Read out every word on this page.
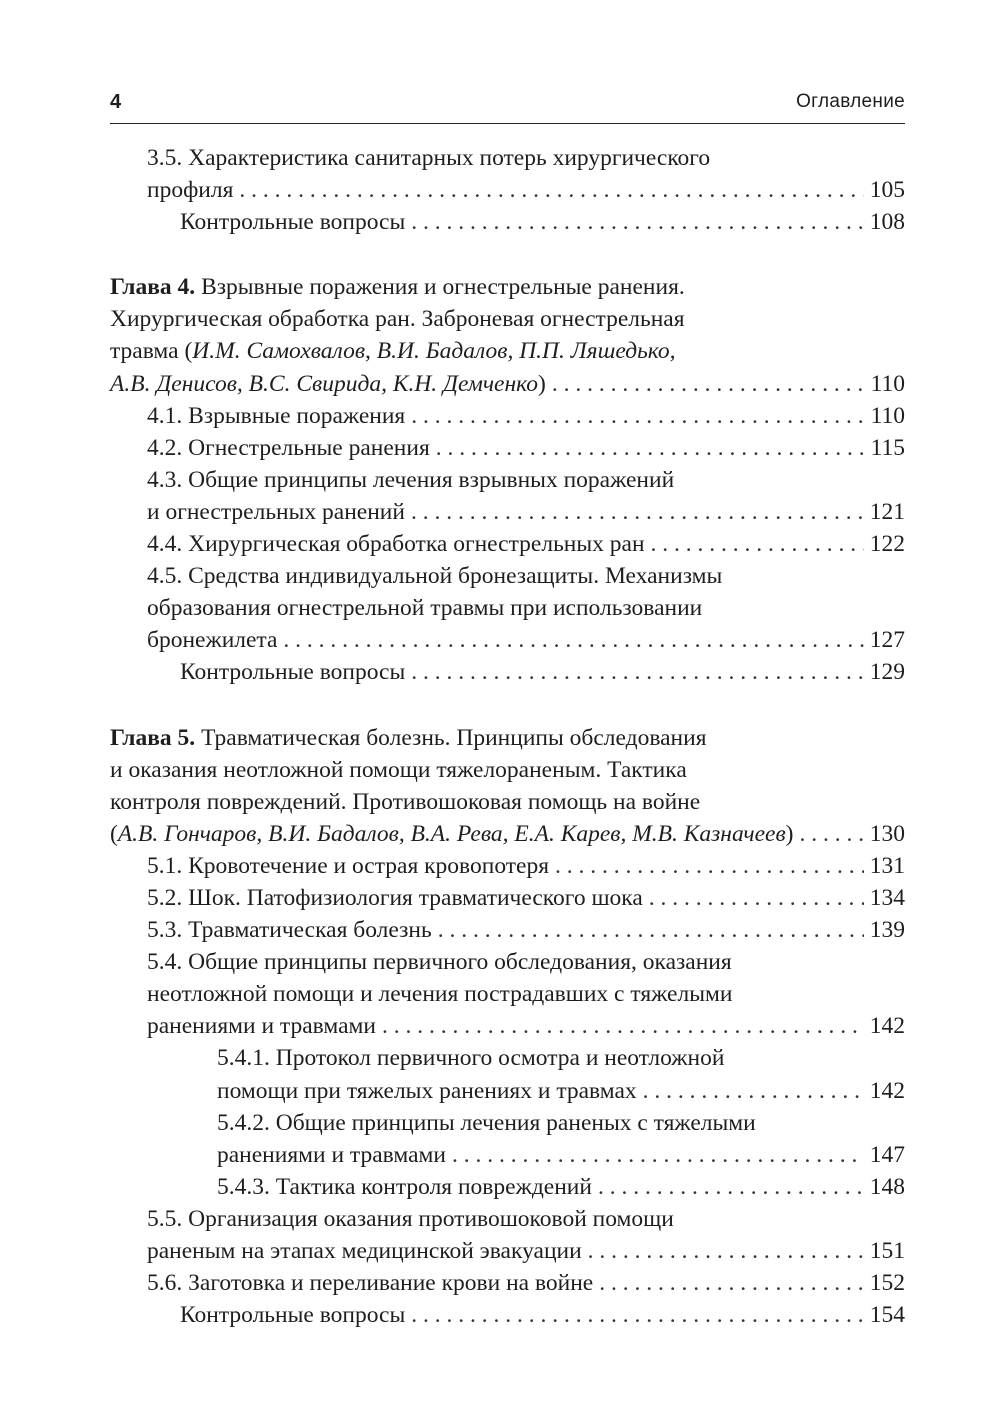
4	Оглавление
3.5. Характеристика санитарных потерь хирургического
профиля . . .	105
Контрольные вопросы . . .	108
Глава 4. Взрывные поражения и огнестрельные ранения.
Хирургическая обработка ран. Заброневая огнестрельная
травма (И.М. Самохвалов, В.И. Бадалов, П.П. Ляшедько,
А.В. Денисов, В.С. Свирида, К.Н. Демченко) . . .	110
4.1. Взрывные поражения . . .	110
4.2. Огнестрельные ранения . . .	115
4.3. Общие принципы лечения взрывных поражений
и огнестрельных ранений . . .	121
4.4. Хирургическая обработка огнестрельных ран . . .	122
4.5. Средства индивидуальной бронезащиты. Механизмы
образования огнестрельной травмы при использовании
бронежилета . . .	127
Контрольные вопросы . . .	129
Глава 5. Травматическая болезнь. Принципы обследования
и оказания неотложной помощи тяжелораненым. Тактика
контроля повреждений. Противошоковая помощь на войне
(А.В. Гончаров, В.И. Бадалов, В.А. Рева, Е.А. Карев, М.В. Казначеев) . . .	130
5.1. Кровотечение и острая кровопотеря . . .	131
5.2. Шок. Патофизиология травматического шока . . .	134
5.3. Травматическая болезнь . . .	139
5.4. Общие принципы первичного обследования, оказания
неотложной помощи и лечения пострадавших с тяжелыми
ранениями и травмами . . .	142
5.4.1. Протокол первичного осмотра и неотложной
помощи при тяжелых ранениях и травмах . . .	142
5.4.2. Общие принципы лечения раненых с тяжелыми
ранениями и травмами . . .	147
5.4.3. Тактика контроля повреждений . . .	148
5.5. Организация оказания противошоковой помощи
раненым на этапах медицинской эвакуации . . .	151
5.6. Заготовка и переливание крови на войне . . .	152
Контрольные вопросы . . .	154
